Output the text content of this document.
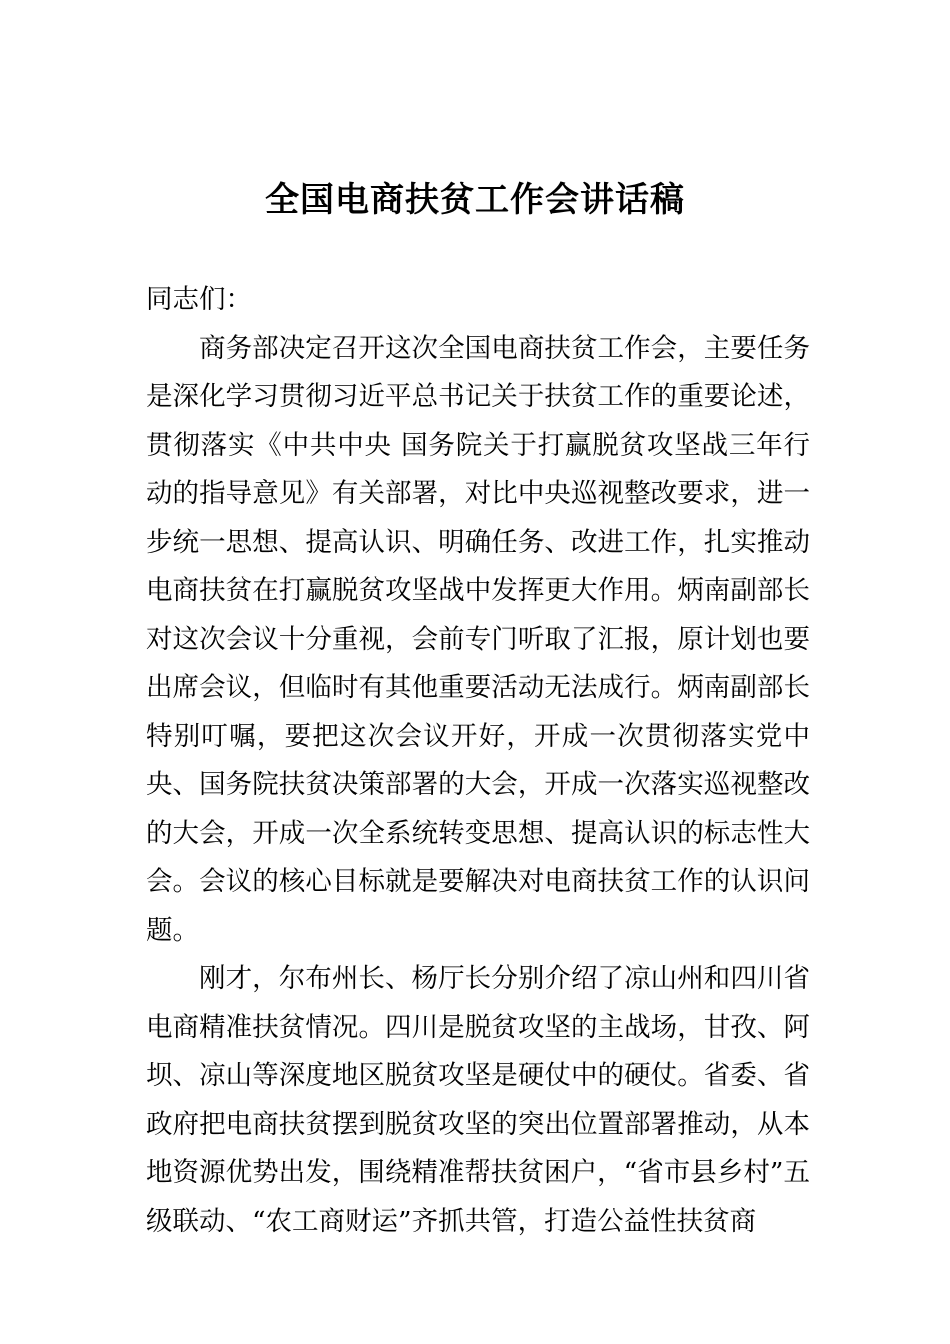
全国电商扶贫工作会讲话稿

同志们：

商务部决定召开这次全国电商扶贫工作会，主要任务是深化学习贯彻习近平总书记关于扶贫工作的重要论述，贯彻落实《中共中央 国务院关于打赢脱贫攻坚战三年行动的指导意见》有关部署，对比中央巡视整改要求，进一步统一思想、提高认识、明确任务、改进工作，扎实推动电商扶贫在打赢脱贫攻坚战中发挥更大作用。炳南副部长对这次会议十分重视，会前专门听取了汇报，原计划也要出席会议，但临时有其他重要活动无法成行。炳南副部长特别叮嘱，要把这次会议开好，开成一次贯彻落实党中央、国务院扶贫决策部署的大会，开成一次落实巡视整改的大会，开成一次全系统转变思想、提高认识的标志性大会。会议的核心目标就是要解决对电商扶贫工作的认识问题。

刚才，尔布州长、杨厅长分别介绍了凉山州和四川省电商精准扶贫情况。四川是脱贫攻坚的主战场，甘孜、阿坝、凉山等深度地区脱贫攻坚是硬仗中的硬仗。省委、省政府把电商扶贫摆到脱贫攻坚的突出位置部署推动，从本地资源优势出发，围绕精准帮扶贫困户，“省市县乡村”五级联动、“农工商财运”齐抓共管，打造公益性扶贫商
